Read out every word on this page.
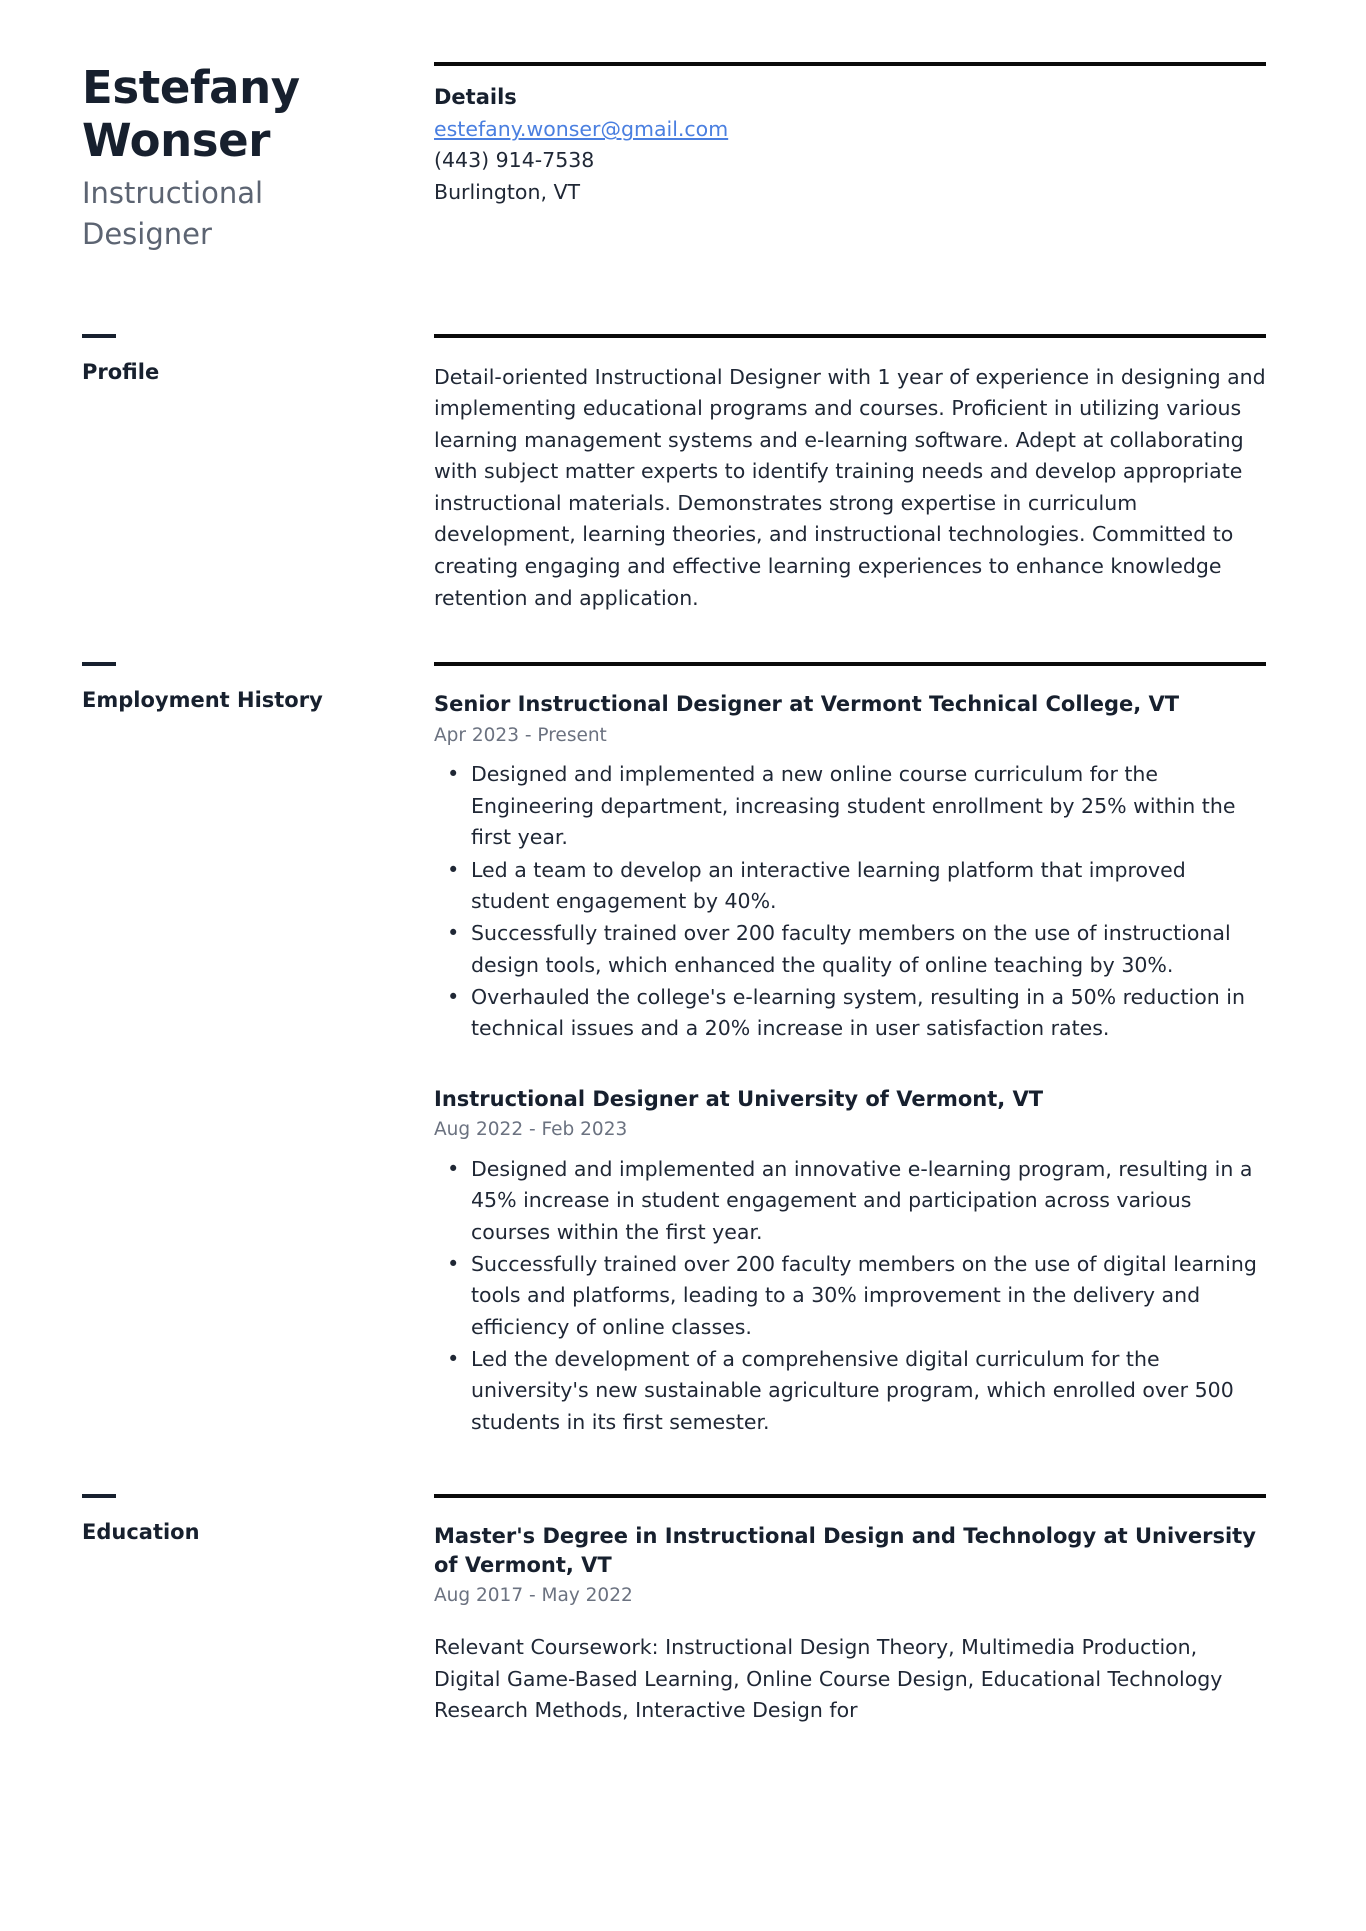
Estefany Wonser
Instructional Designer
Details
estefany.wonser@gmail.com
(443) 914-7538
Burlington, VT
Profile	Detail-oriented Instructional Designer with 1 year of experience in designing and implementing educational programs and courses. Proficient in utilizing various learning management systems and e-learning software. Adept at collaborating with subject matter experts to identify training needs and develop appropriate instructional materials. Demonstrates strong expertise in curriculum development, learning theories, and instructional technologies. Committed to creating engaging and effective learning experiences to enhance knowledge retention and application.

Employment History	Senior Instructional Designer at Vermont Technical College, VT
Apr 2023 - Present
• Designed and implemented a new online course curriculum for the Engineering department, increasing student enrollment by 25% within the first year.
• Led a team to develop an interactive learning platform that improved student engagement by 40%.
• Successfully trained over 200 faculty members on the use of instructional design tools, which enhanced the quality of online teaching by 30%.
• Overhauled the college's e-learning system, resulting in a 50% reduction in technical issues and a 20% increase in user satisfaction rates.
Instructional Designer at University of Vermont, VT
Aug 2022 - Feb 2023
• Designed and implemented an innovative e-learning program, resulting in a 45% increase in student engagement and participation across various courses within the first year.
• Successfully trained over 200 faculty members on the use of digital learning tools and platforms, leading to a 30% improvement in the delivery and efficiency of online classes.
• Led the development of a comprehensive digital curriculum for the university's new sustainable agriculture program, which enrolled over 500 students in its first semester.
Education	Master's Degree in Instructional Design and Technology at University of Vermont, VT
Aug 2017 - May 2022

Relevant Coursework: Instructional Design Theory, Multimedia Production, Digital Game-Based Learning, Online Course Design, Educational Technology Research Methods, Interactive Design for
